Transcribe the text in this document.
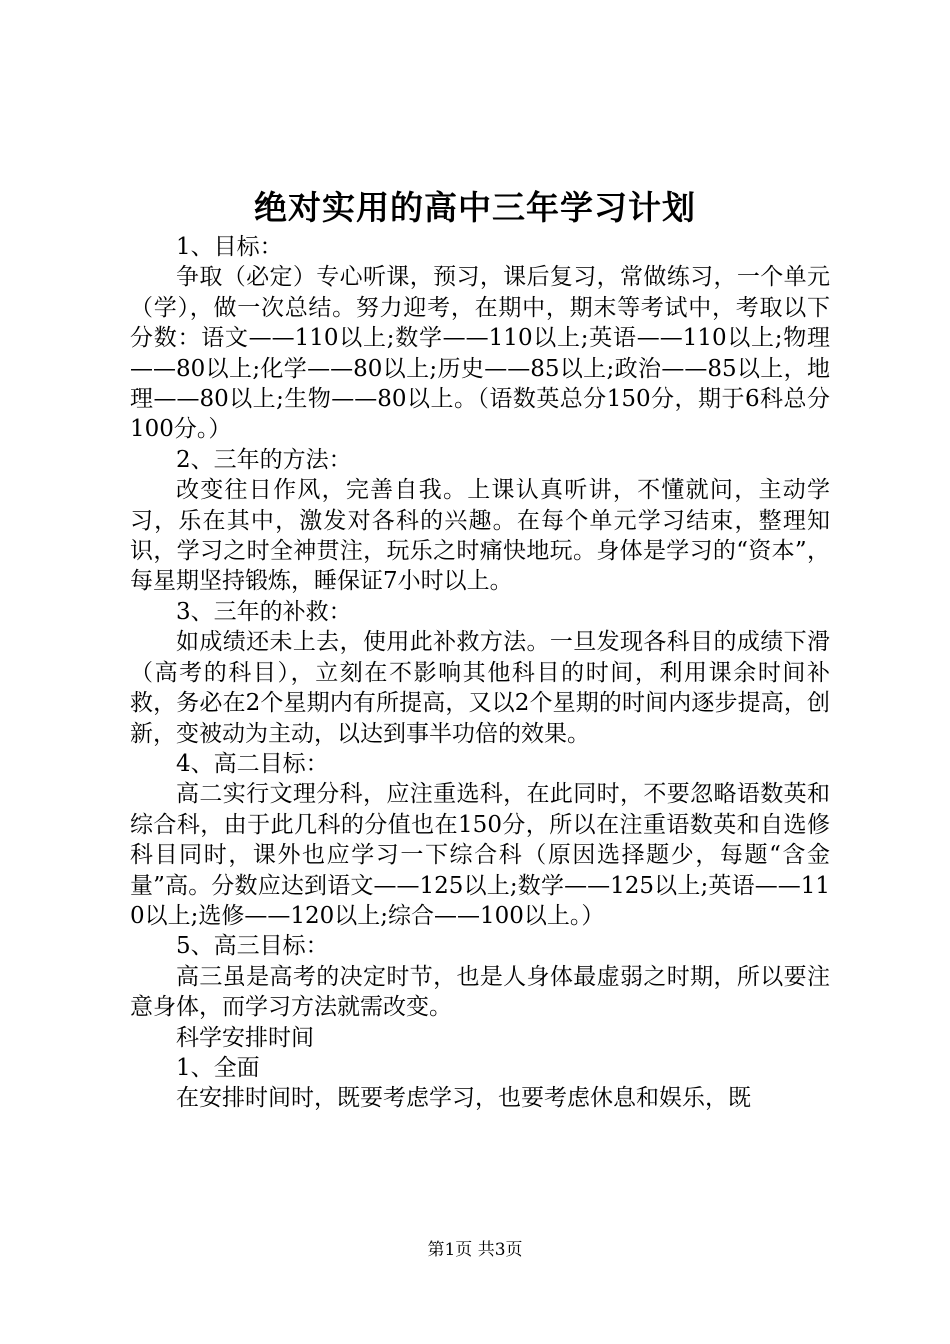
绝对实用的高中三年学习计划

1、目标：

争取（必定）专心听课，预习，课后复习，常做练习，一个单元（学），做一次总结。努力迎考，在期中，期末等考试中，考取以下分数：语文——110以上;数学——110以上;英语——110以上;物理——80以上;化学——80以上;历史——85以上;政治——85以上，地理——80以上;生物——80以上。（语数英总分150分，期于6科总分100分。）

2、三年的方法：

改变往日作风，完善自我。上课认真听讲，不懂就问，主动学习，乐在其中，激发对各科的兴趣。在每个单元学习结束，整理知识，学习之时全神贯注，玩乐之时痛快地玩。身体是学习的“资本”，每星期坚持锻炼，睡保证7小时以上。

3、三年的补救：

如成绩还未上去，使用此补救方法。一旦发现各科目的成绩下滑（高考的科目），立刻在不影响其他科目的时间，利用课余时间补救，务必在2个星期内有所提高，又以2个星期的时间内逐步提高，创新，变被动为主动，以达到事半功倍的效果。

4、高二目标：

高二实行文理分科，应注重选科，在此同时，不要忽略语数英和综合科，由于此几科的分值也在150分，所以在注重语数英和自选修科目同时，课外也应学习一下综合科（原因选择题少，每题“含金量”高。分数应达到语文——125以上;数学——125以上;英语——110以上;选修——120以上;综合——100以上。）

5、高三目标：

高三虽是高考的决定时节，也是人身体最虚弱之时期，所以要注意身体，而学习方法就需改变。

科学安排时间

1、全面

在安排时间时，既要考虑学习，也要考虑休息和娱乐，既

第1页 共3页
